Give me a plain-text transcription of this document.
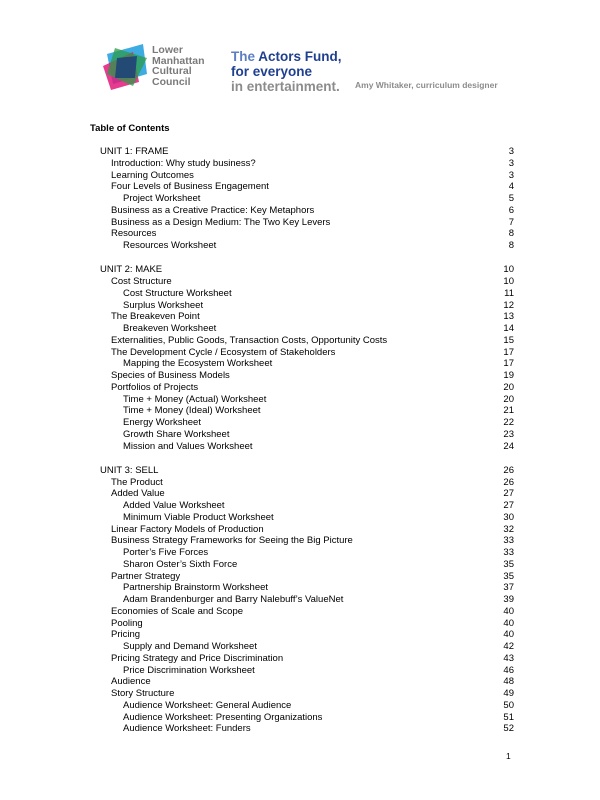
Lower
Manhattan
Cultural
Council
The Actors Fund,
for everyone
in entertainment. Amy Whitaker, curriculum designer
Table of Contents
UNIT 1: FRAME	3
Introduction: Why study business?	3
Learning Outcomes	3
Four Levels of Business Engagement	4
Project Worksheet	5
Business as a Creative Practice: Key Metaphors	6
Business as a Design Medium: The Two Key Levers	7
Resources	8
Resources Worksheet	8
UNIT 2: MAKE	10
Cost Structure	10
Cost Structure Worksheet	11
Surplus Worksheet	12
The Breakeven Point	13
Breakeven Worksheet	14
Externalities, Public Goods, Transaction Costs, Opportunity Costs	15
The Development Cycle / Ecosystem of Stakeholders	17
Mapping the Ecosystem Worksheet	17
Species of Business Models	19
Portfolios of Projects	20
Time + Money (Actual) Worksheet	20
Time + Money (Ideal) Worksheet	21
Energy Worksheet	22
Growth Share Worksheet	23
Mission and Values Worksheet	24
UNIT 3: SELL	26
The Product	26
Added Value	27
Added Value Worksheet	27
Minimum Viable Product Worksheet	30
Linear Factory Models of Production	32
Business Strategy Frameworks for Seeing the Big Picture	33
Porter’s Five Forces	33
Sharon Oster’s Sixth Force	35
Partner Strategy	35
Partnership Brainstorm Worksheet	37
Adam Brandenburger and Barry Nalebuff’s ValueNet	39
Economies of Scale and Scope	40
Pooling	40
Pricing	40
Supply and Demand Worksheet	42
Pricing Strategy and Price Discrimination	43
Price Discrimination Worksheet	46
Audience	48
Story Structure	49
Audience Worksheet: General Audience	50
Audience Worksheet: Presenting Organizations	51
Audience Worksheet: Funders	52
1
